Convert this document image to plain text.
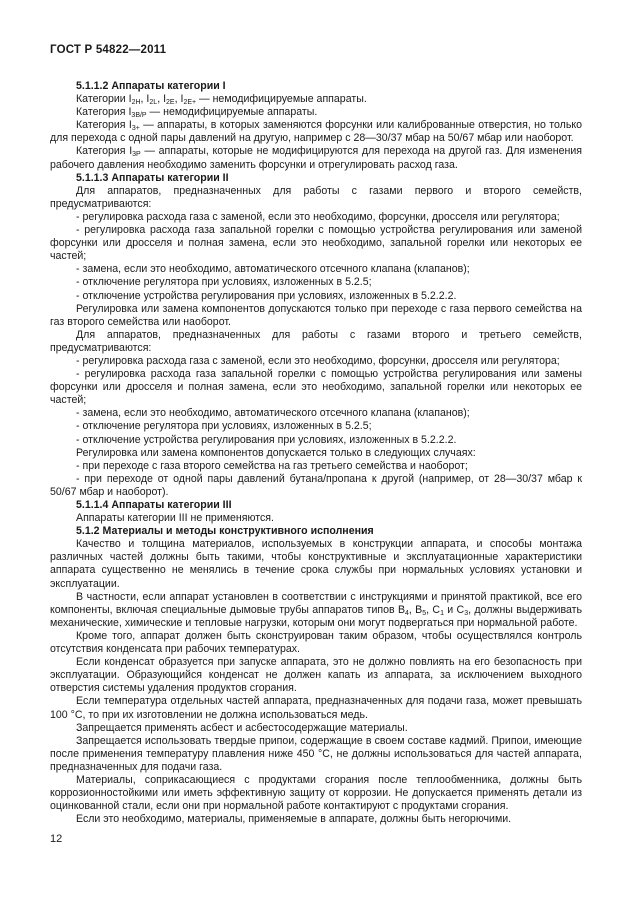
ГОСТ Р 54822—2011

5.1.1.2 Аппараты категории I

Категории $I_{2H}$, $I_{2L}$, $I_{2E}$, $I_{2E+}$ — немодифицируемые аппараты.

Категория $I_{3B/P}$ — немодифицируемые аппараты.

Категория $I_{3+}$ — аппараты, в которых заменяются форсунки или калиброванные отверстия, но только для перехода с одной пары давлений на другую, например с 28—30/37 мбар на 50/67 мбар или наоборот.

Категория $I_{3P}$ — аппараты, которые не модифицируются для перехода на другой газ. Для изменения рабочего давления необходимо заменить форсунки и отрегулировать расход газа.

5.1.1.3 Аппараты категории II

Для аппаратов, предназначенных для работы с газами первого и второго семейств, предусматриваются:

- регулировка расхода газа с заменой, если это необходимо, форсунки, дросселя или регулятора;

- регулировка расхода газа запальной горелки с помощью устройства регулирования или заменой форсунки или дросселя и полная замена, если это необходимо, запальной горелки или некоторых ее частей;

- замена, если это необходимо, автоматического отсечного клапана (клапанов);

- отключение регулятора при условиях, изложенных в 5.2.5;

- отключение устройства регулирования при условиях, изложенных в 5.2.2.2.

Регулировка или замена компонентов допускаются только при переходе с газа первого семейства на газ второго семейства или наоборот.

Для аппаратов, предназначенных для работы с газами второго и третьего семейств, предусматриваются:

- регулировка расхода газа с заменой, если это необходимо, форсунки, дросселя или регулятора;

- регулировка расхода газа запальной горелки с помощью устройства регулирования или замены форсунки или дросселя и полная замена, если это необходимо, запальной горелки или некоторых ее частей;

- замена, если это необходимо, автоматического отсечного клапана (клапанов);

- отключение регулятора при условиях, изложенных в 5.2.5;

- отключение устройства регулирования при условиях, изложенных в 5.2.2.2.

Регулировка или замена компонентов допускается только в следующих случаях:

- при переходе с газа второго семейства на газ третьего семейства и наоборот;

- при переходе от одной пары давлений бутана/пропана к другой (например, от 28—30/37 мбар к 50/67 мбар и наоборот).

5.1.1.4 Аппараты категории III

Аппараты категории III не применяются.

5.1.2 Материалы и методы конструктивного исполнения

Качество и толщина материалов, используемых в конструкции аппарата, и способы монтажа различных частей должны быть такими, чтобы конструктивные и эксплуатационные характеристики аппарата существенно не менялись в течение срока службы при нормальных условиях установки и эксплуатации.

В частности, если аппарат установлен в соответствии с инструкциями и принятой практикой, все его компоненты, включая специальные дымовые трубы аппаратов типов $B_4$, $B_5$, $C_1$ и $C_3$, должны выдерживать механические, химические и тепловые нагрузки, которым они могут подвергаться при нормальной работе.

Кроме того, аппарат должен быть сконструирован таким образом, чтобы осуществлялся контроль отсутствия конденсата при рабочих температурах.

Если конденсат образуется при запуске аппарата, это не должно повлиять на его безопасность при эксплуатации. Образующийся конденсат не должен капать из аппарата, за исключением выходного отверстия системы удаления продуктов сгорания.

Если температура отдельных частей аппарата, предназначенных для подачи газа, может превышать 100 °С, то при их изготовлении не должна использоваться медь.

Запрещается применять асбест и асбестосодержащие материалы.

Запрещается использовать твердые припои, содержащие в своем составе кадмий. Припои, имеющие после применения температуру плавления ниже 450 °С, не должны использоваться для частей аппарата, предназначенных для подачи газа.

Материалы, соприкасающиеся с продуктами сгорания после теплообменника, должны быть коррозионностойкими или иметь эффективную защиту от коррозии. Не допускается применять детали из оцинкованной стали, если они при нормальной работе контактируют с продуктами сгорания.

Если это необходимо, материалы, применяемые в аппарате, должны быть негорючими.

12
